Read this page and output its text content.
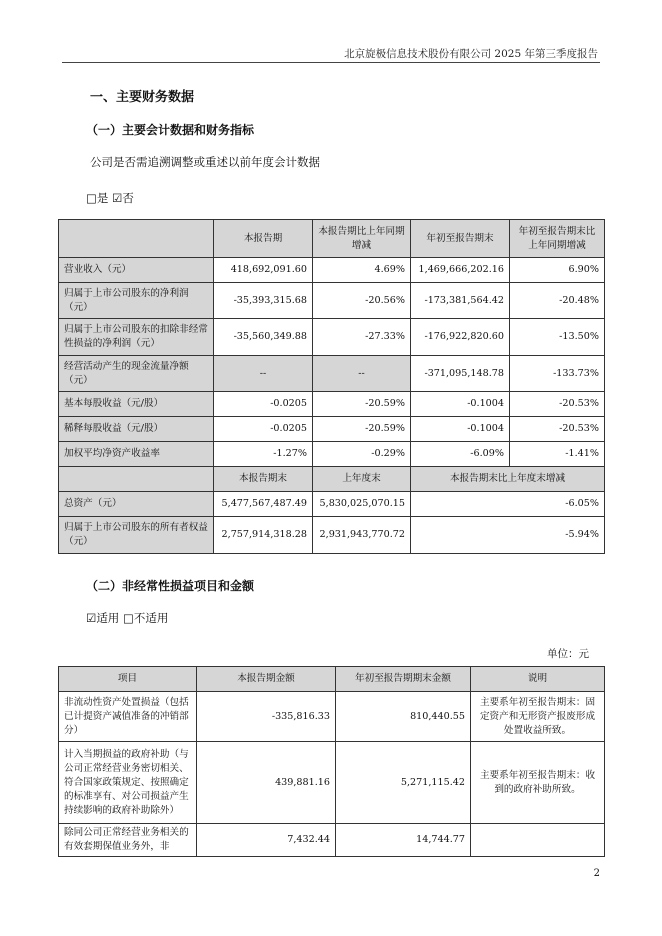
北京旋极信息技术股份有限公司 2025 年第三季度报告
一、主要财务数据
（一）主要会计数据和财务指标
公司是否需追溯调整或重述以前年度会计数据
□是 ☑否
	本报告期	本报告期比上年同期增减	年初至报告期末	年初至报告期末比上年同期增减
营业收入（元）	418,692,091.60	4.69%	1,469,666,202.16	6.90%
归属于上市公司股东的净利润（元）	-35,393,315.68	-20.56%	-173,381,564.42	-20.48%
归属于上市公司股东的扣除非经常性损益的净利润（元）	-35,560,349.88	-27.33%	-176,922,820.60	-13.50%
经营活动产生的现金流量净额（元）	--	--	-371,095,148.78	-133.73%
基本每股收益（元/股）	-0.0205	-20.59%	-0.1004	-20.53%
稀释每股收益（元/股）	-0.0205	-20.59%	-0.1004	-20.53%
加权平均净资产收益率	-1.27%	-0.29%	-6.09%	-1.41%
	本报告期末	上年度末	本报告期末比上年度末增减	
总资产（元）	5,477,567,487.49	5,830,025,070.15	-6.05%	
归属于上市公司股东的所有者权益（元）	2,757,914,318.28	2,931,943,770.72	-5.94%	
（二）非经常性损益项目和金额
☑适用 □不适用
单位：元
项目	本报告期金额	年初至报告期期末金额	说明
非流动性资产处置损益（包括已计提资产减值准备的冲销部分）	-335,816.33	810,440.55	主要系年初至报告期末：固定资产和无形资产报废形成处置收益所致。
计入当期损益的政府补助（与公司正常经营业务密切相关、符合国家政策规定、按照确定的标准享有、对公司损益产生持续影响的政府补助除外）	439,881.16	5,271,115.42	主要系年初至报告期末：收到的政府补助所致。
除同公司正常经营业务相关的有效套期保值业务外，非	7,432.44	14,744.77	
2
